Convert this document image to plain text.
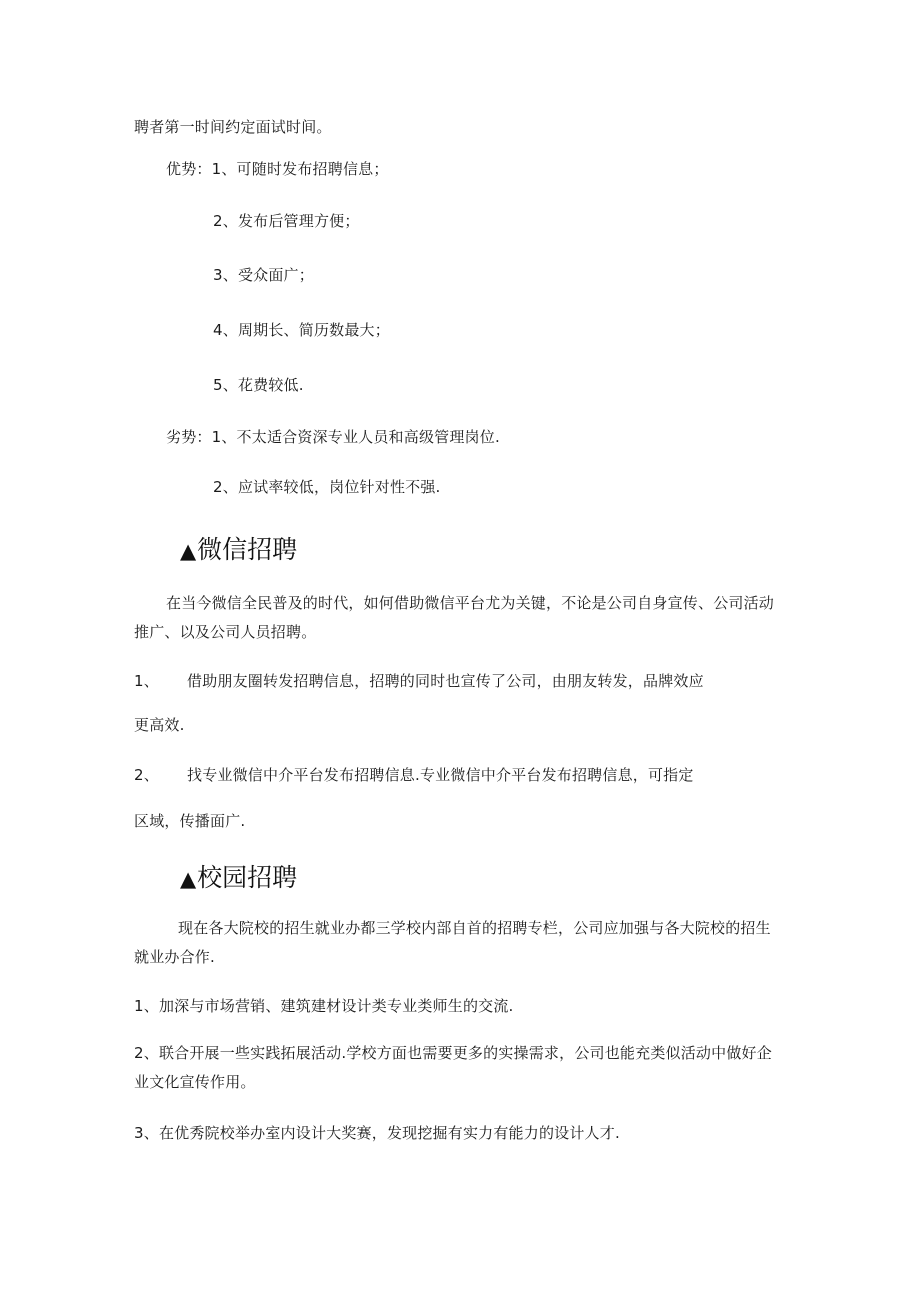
聘者第一时间约定面试时间。
优势：1、可随时发布招聘信息；
2、发布后管理方便；
3、受众面广；
4、周期长、简历数最大；
5、花费较低.
劣势：1、不太适合资深专业人员和高级管理岗位.
2、应试率较低，岗位针对性不强.
▲微信招聘
在当今微信全民普及的时代，如何借助微信平台尤为关键，不论是公司自身宣传、公司活动
推广、以及公司人员招聘。
1、 借助朋友圈转发招聘信息，招聘的同时也宣传了公司，由朋友转发，品牌效应
更高效.
2、 找专业微信中介平台发布招聘信息.专业微信中介平台发布招聘信息，可指定
区域，传播面广.
▲校园招聘
现在各大院校的招生就业办都三学校内部自首的招聘专栏，公司应加强与各大院校的招生
就业办合作.
1、加深与市场营销、建筑建材设计类专业类师生的交流.
2、联合开展一些实践拓展活动.学校方面也需要更多的实操需求，公司也能充类似活动中做好企
业文化宣传作用。
3、在优秀院校举办室内设计大奖赛，发现挖掘有实力有能力的设计人才.
